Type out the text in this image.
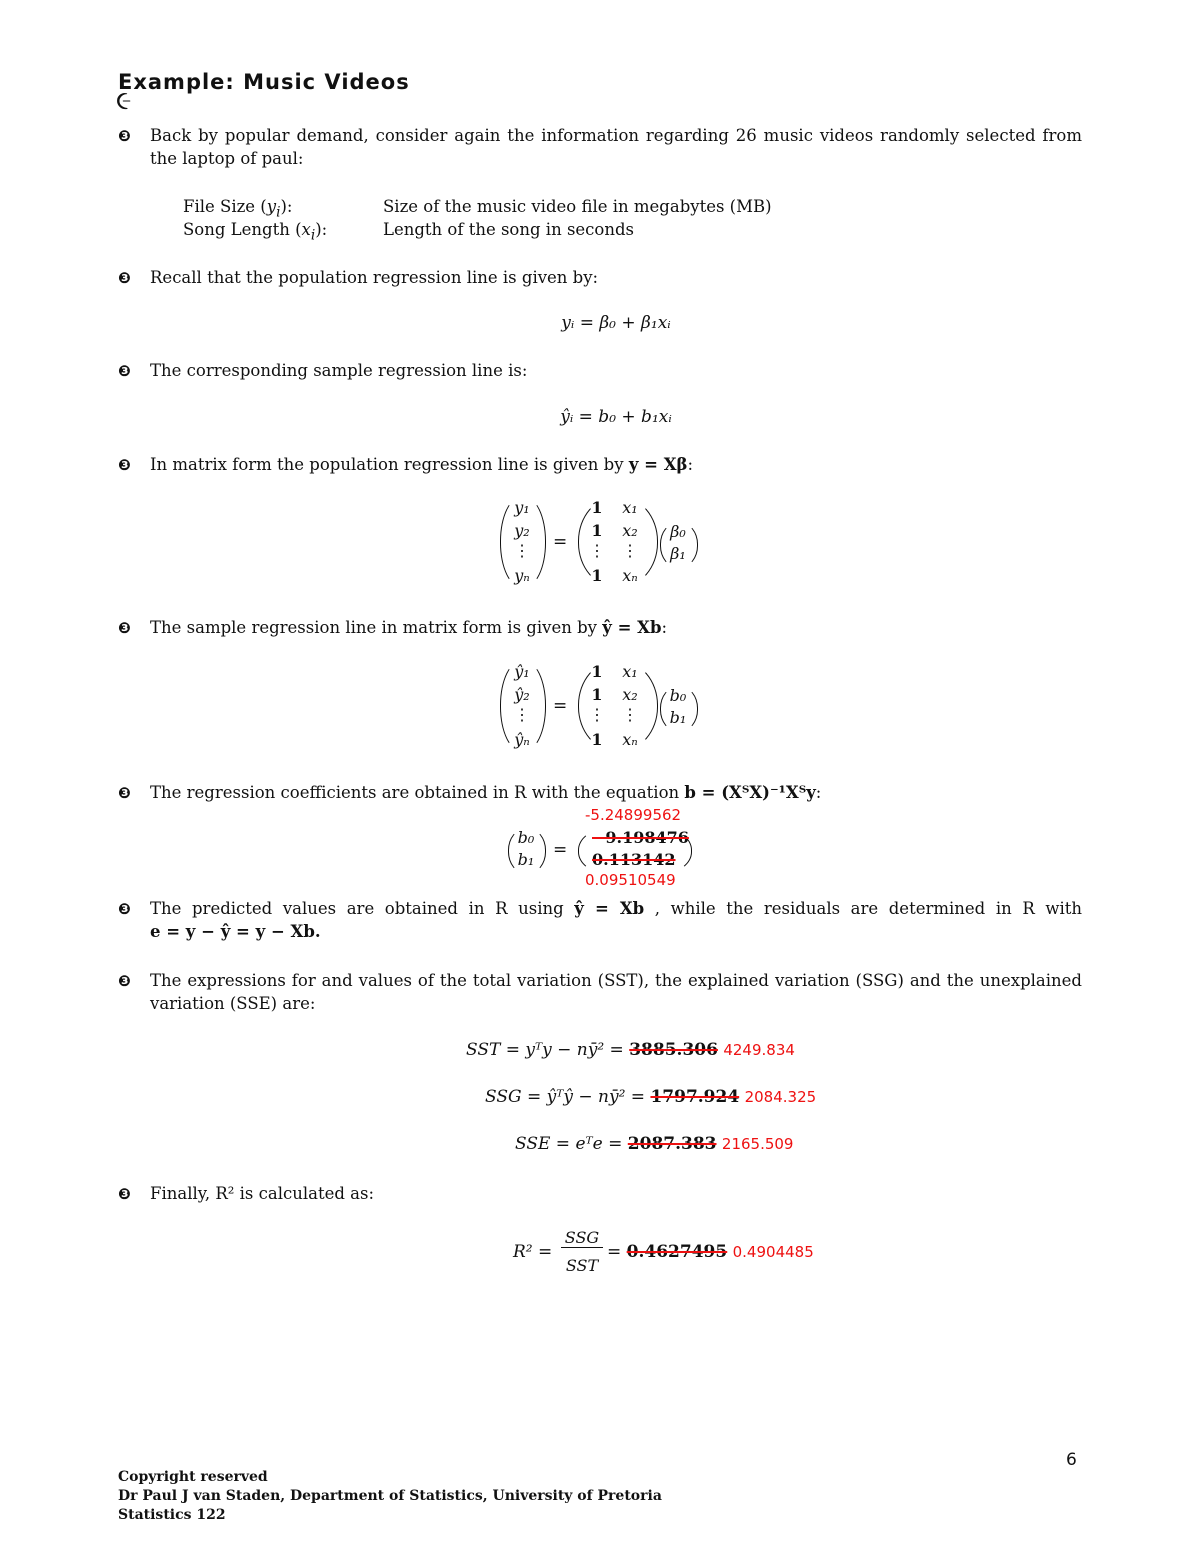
૯
Example: Music Videos
❸ Back by popular demand, consider again the information regarding 26 music videos randomly selected from the laptop of paul:
File Size $(y_i)$:	Size of the music video file in megabytes (MB)
Song Length $(x_i)$:	Length of the song in seconds
❸ Recall that the population regression line is given by:
yᵢ = β₀ + β₁xᵢ
❸ The corresponding sample regression line is:
ŷᵢ = b₀ + b₁xᵢ
❸ In matrix form the population regression line is given by y = Xβ:
y₁
y₂
⋮
yₙ
=
1
1
⋮
1
x₁
x₂
⋮
xₙ
β₀
β₁
❸ The sample regression line in matrix form is given by ŷ = Xb:
ŷ₁
ŷ₂
⋮
ŷₙ
=
1
1
⋮
1
x₁
x₂
⋮
xₙ
b₀
b₁
❸ The regression coefficients are obtained in R with the equation b = (XᵀX)⁻¹Xᵀy:
-5.24899562
b₀
b₁	=
−9.198476
0.113142
0.09510549
❸ The predicted values are obtained in R using ŷ = Xb , while the residuals are determined in R with
e = y − ŷ = y − Xb.
❸ The expressions for and values of the total variation (SST), the explained variation (SSG) and the unexplained variation (SSE) are:
SST = yᵀy − nȳ² = 3885.306 4249.834
SSG = ŷᵀŷ − nȳ² = 1797.924 2084.325
SSE = eᵀe = 2087.383 2165.509
❸ Finally, R² is calculated as:
R² =
SSG
SST
= 0.4627495 0.4904485
6
Copyright reserved
Dr Paul J van Staden, Department of Statistics, University of Pretoria
Statistics 122
